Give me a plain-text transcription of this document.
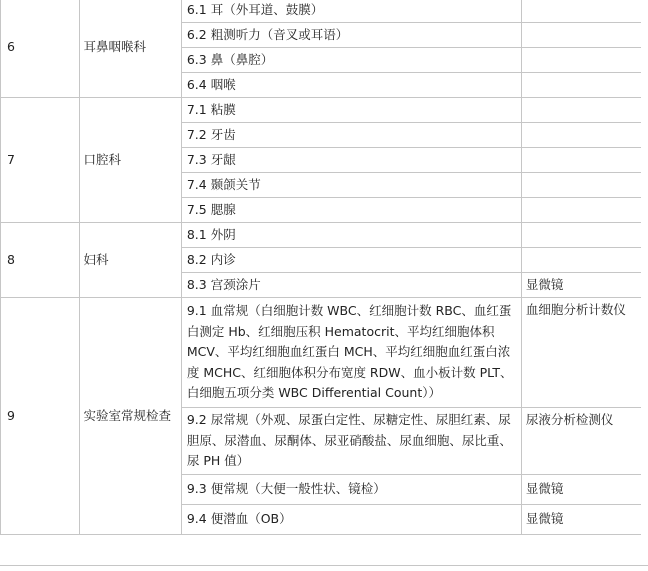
6	耳鼻咽喉科	6.1 耳（外耳道、鼓膜）	
		6.2 粗测听力（音叉或耳语）	
		6.3 鼻（鼻腔）	
		6.4 咽喉	
7	口腔科	7.1 粘膜	
		7.2 牙齿	
		7.3 牙龈	
		7.4 颞颌关节	
		7.5 腮腺	
8	妇科	8.1 外阴	
		8.2 内诊	
		8.3 宫颈涂片	显微镜
9	实验室常规检查	9.1 血常规（白细胞计数 WBC、红细胞计数 RBC、血红蛋白测定 Hb、红细胞压积 Hematocrit、平均红细胞体积 MCV、平均红细胞血红蛋白 MCH、平均红细胞血红蛋白浓度 MCHC、红细胞体积分布宽度 RDW、血小板计数 PLT、白细胞五项分类 WBC Differential Count））	血细胞分析计数仪
		9.2 尿常规（外观、尿蛋白定性、尿糖定性、尿胆红素、尿胆原、尿潜血、尿酮体、尿亚硝酸盐、尿血细胞、尿比重、尿 PH 值）	尿液分析检测仪
		9.3 便常规（大便一般性状、镜检）	显微镜
		9.4 便潜血（OB）	显微镜
